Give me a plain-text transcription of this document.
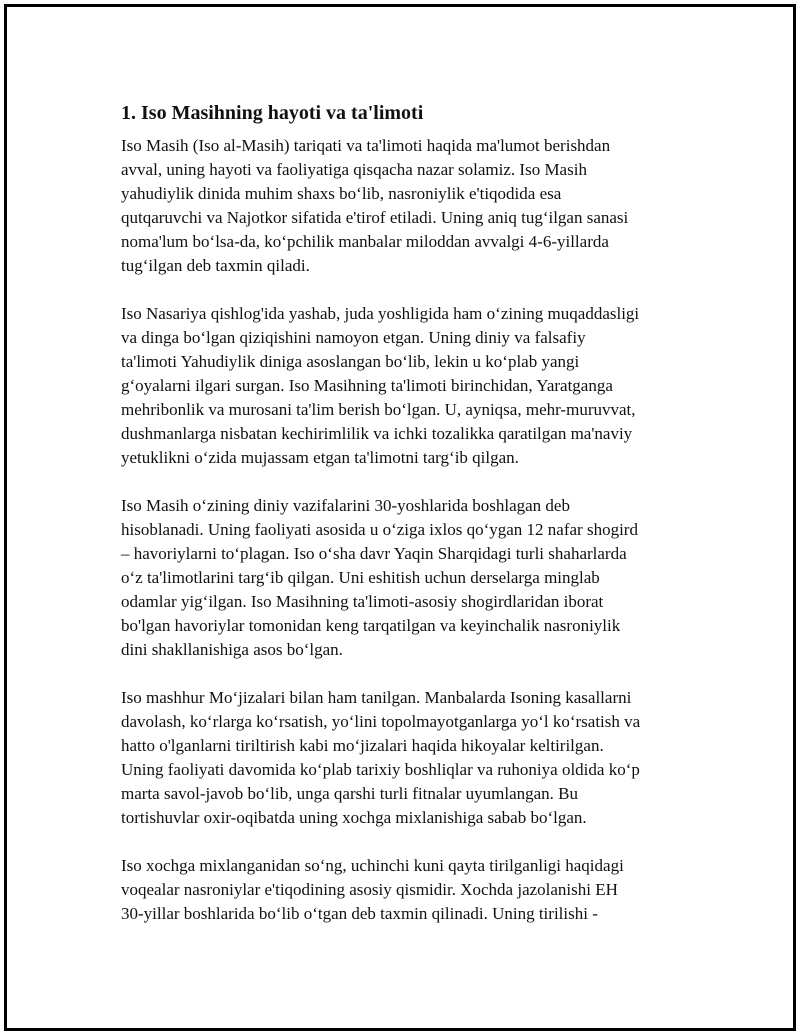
1. Iso Masihning hayoti va ta'limoti

Iso Masih (Iso al-Masih) tariqati va ta'limoti haqida ma'lumot berishdan
avval, uning hayoti va faoliyatiga qisqacha nazar solamiz. Iso Masih
yahudiylik dinida muhim shaxs bo‘lib, nasroniylik e'tiqodida esa
qutqaruvchi va Najotkor sifatida e'tirof etiladi. Uning aniq tug‘ilgan sanasi
noma'lum bo‘lsa-da, ko‘pchilik manbalar miloddan avvalgi 4-6-yillarda
tug‘ilgan deb taxmin qiladi.

Iso Nasariya qishlog'ida yashab, juda yoshligida ham o‘zining muqaddasligi
va dinga bo‘lgan qiziqishini namoyon etgan. Uning diniy va falsafiy
ta'limoti Yahudiylik diniga asoslangan bo‘lib, lekin u ko‘plab yangi
g‘oyalarni ilgari surgan. Iso Masihning ta'limoti birinchidan, Yaratganga
mehribonlik va murosani ta'lim berish bo‘lgan. U, ayniqsa, mehr-muruvvat,
dushmanlarga nisbatan kechirimlilik va ichki tozalikka qaratilgan ma'naviy
yetuklikni o‘zida mujassam etgan ta'limotni targ‘ib qilgan.

Iso Masih o‘zining diniy vazifalarini 30-yoshlarida boshlagan deb
hisoblanadi. Uning faoliyati asosida u o‘ziga ixlos qo‘ygan 12 nafar shogird
– havoriylarni to‘plagan. Iso o‘sha davr Yaqin Sharqidagi turli shaharlarda
o‘z ta'limotlarini targ‘ib qilgan. Uni eshitish uchun derselarga minglab
odamlar yig‘ilgan. Iso Masihning ta'limoti-asosiy shogirdlaridan iborat
bo'lgan havoriylar tomonidan keng tarqatilgan va keyinchalik nasroniylik
dini shakllanishiga asos bo‘lgan.

Iso mashhur Mo‘jizalari bilan ham tanilgan. Manbalarda Isoning kasallarni
davolash, ko‘rlarga ko‘rsatish, yo‘lini topolmayotganlarga yo‘l ko‘rsatish va
hatto o'lganlarni tiriltirish kabi mo‘jizalari haqida hikoyalar keltirilgan.
Uning faoliyati davomida ko‘plab tarixiy boshliqlar va ruhoniya oldida ko‘p
marta savol-javob bo‘lib, unga qarshi turli fitnalar uyumlangan. Bu
tortishuvlar oxir-oqibatda uning xochga mixlanishiga sabab bo‘lgan.

Iso xochga mixlanganidan so‘ng, uchinchi kuni qayta tirilganligi haqidagi
voqealar nasroniylar e'tiqodining asosiy qismidir. Xochda jazolanishi EH
30-yillar boshlarida bo‘lib o‘tgan deb taxmin qilinadi. Uning tirilishi -
